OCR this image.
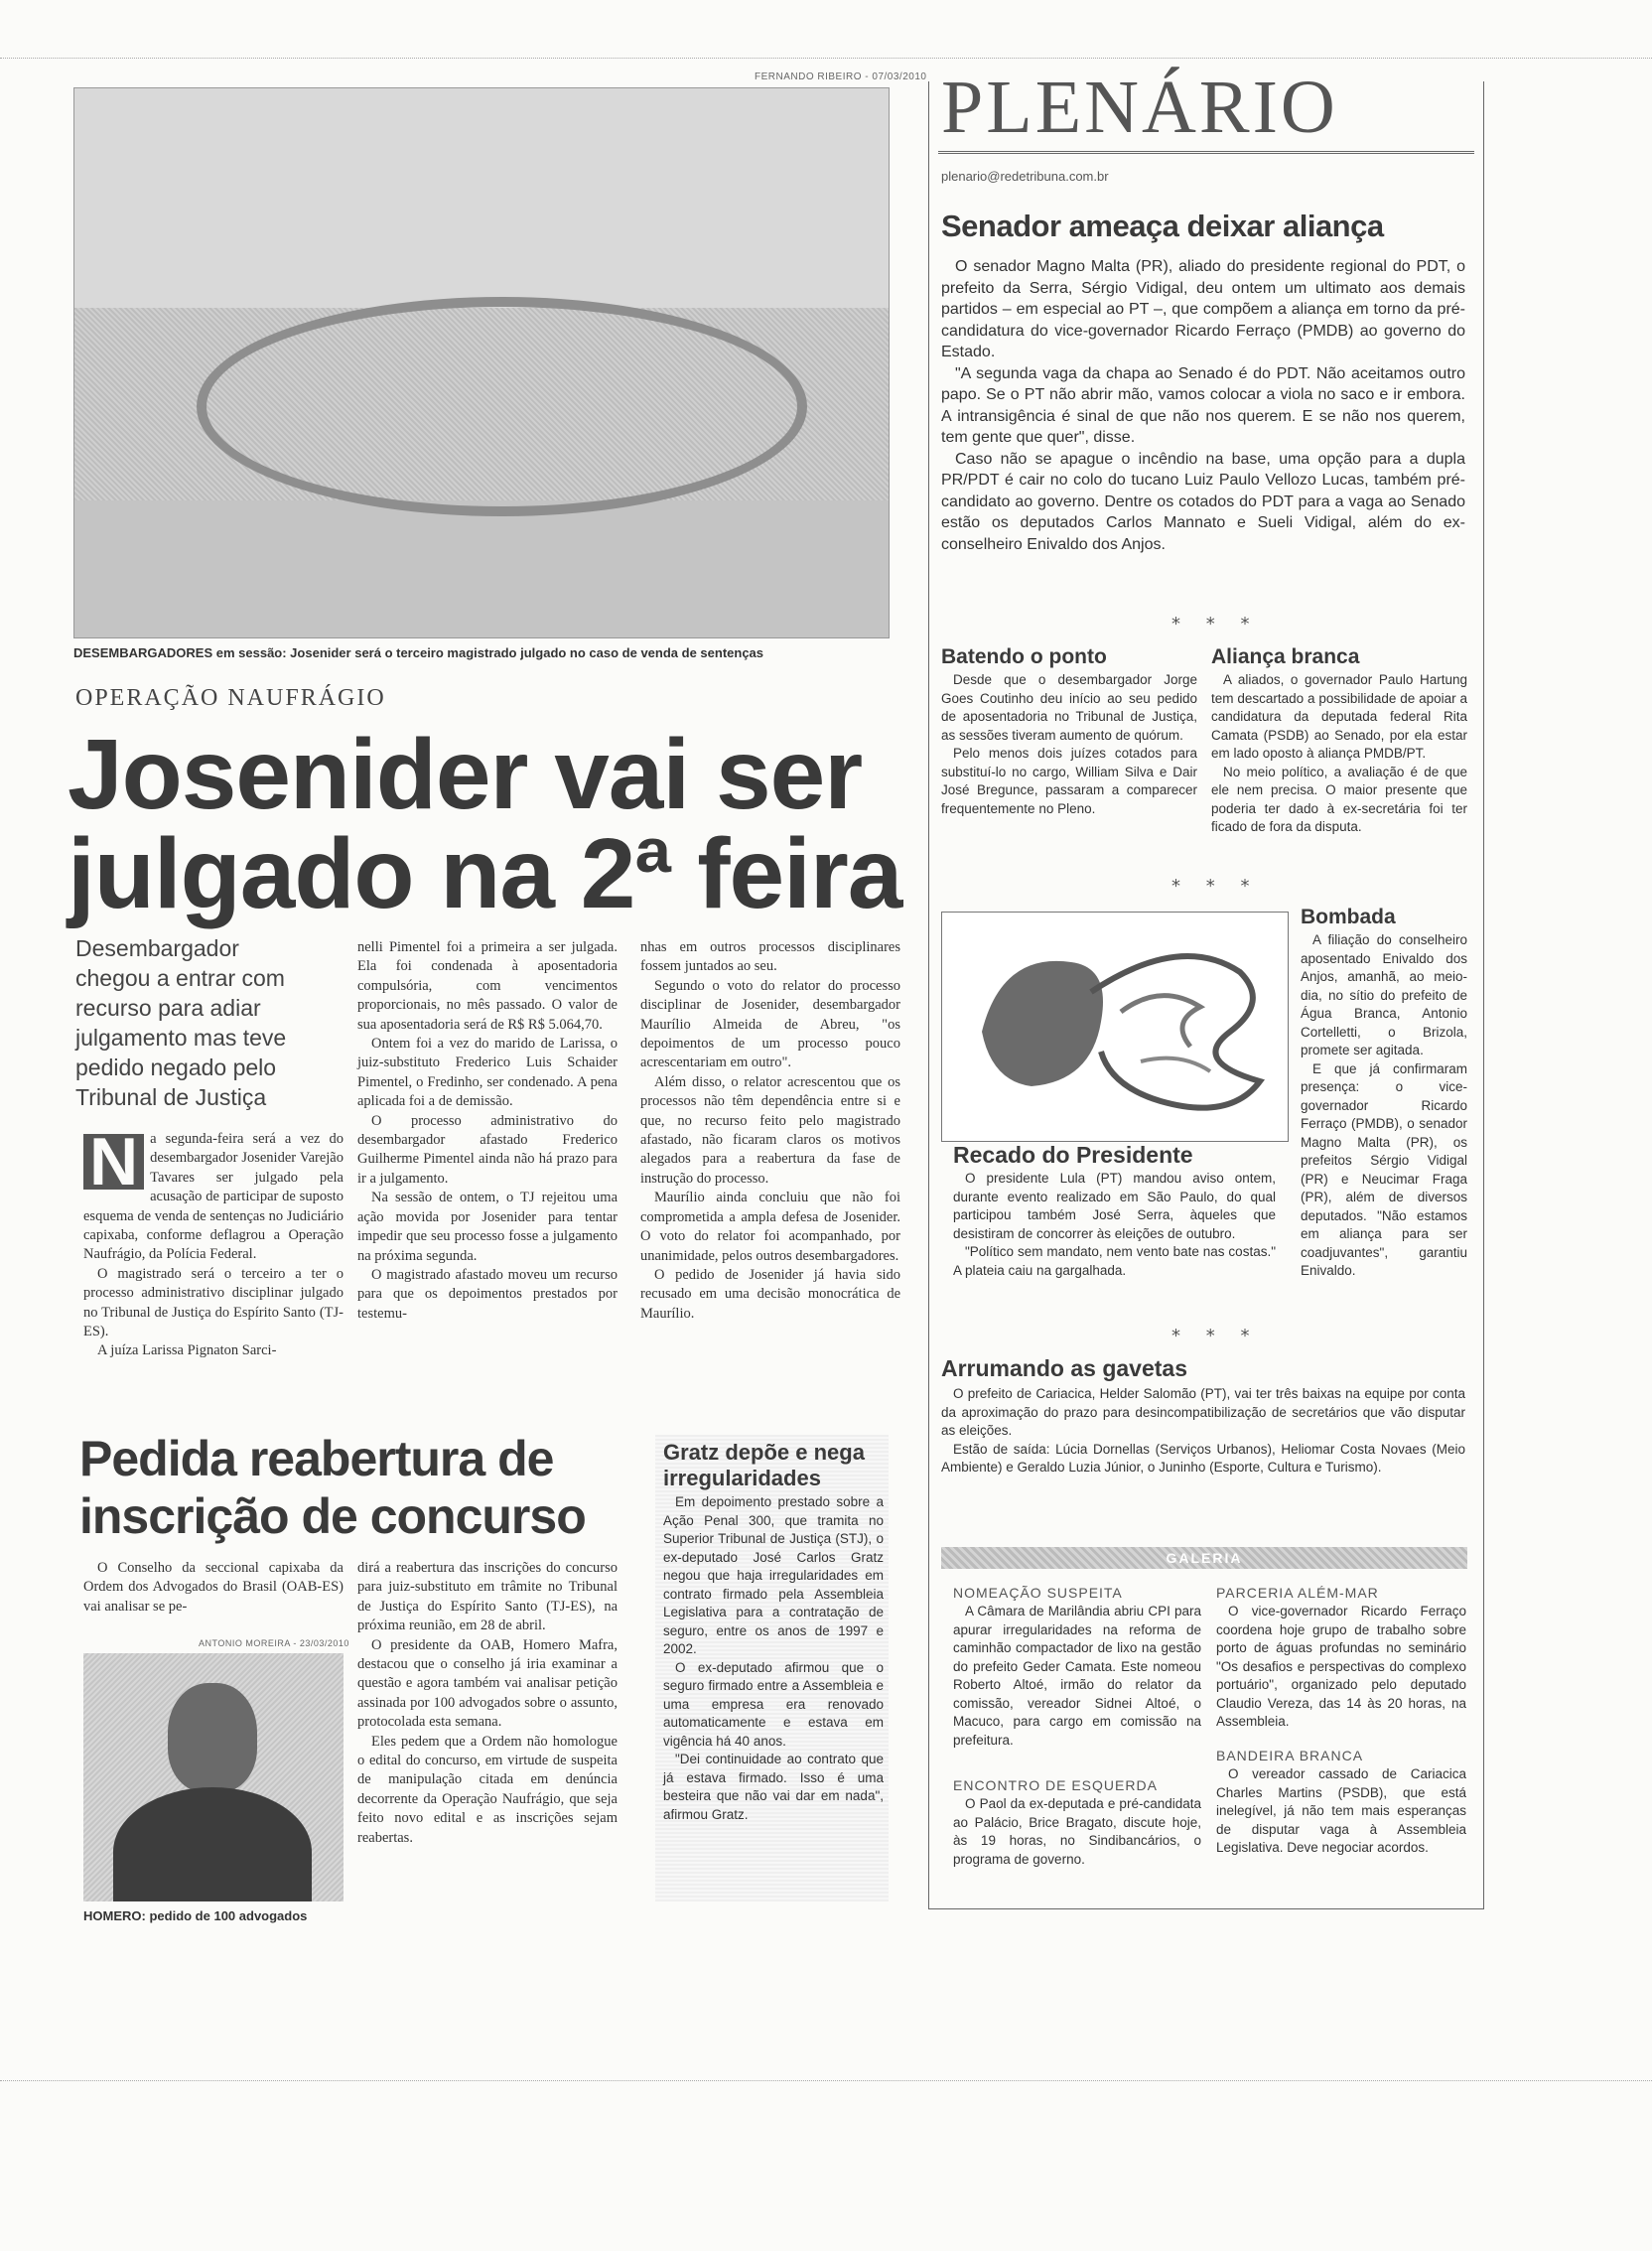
FERNANDO RIBEIRO - 07/03/2010
DESEMBARGADORES em sessão: Josenider será o terceiro magistrado julgado no caso de venda de sentenças
OPERAÇÃO NAUFRÁGIO
Josenider vai ser
julgado na 2ª feira
Desembargador
chegou a entrar com
recurso para adiar
julgamento mas teve
pedido negado pelo
Tribunal de Justiça

N a segunda-feira será a vez do desembargador Josenider Varejão Tavares ser julgado pela acusação de participar de suposto esquema de venda de sentenças no Judiciário capixaba, conforme deflagrou a Operação Naufrágio, da Polícia Federal.

O magistrado será o terceiro a ter o processo administrativo disciplinar julgado no Tribunal de Justiça do Espírito Santo (TJ-ES).

A juíza Larissa Pignaton Sarci-

nelli Pimentel foi a primeira a ser julgada. Ela foi condenada à aposentadoria compulsória, com vencimentos proporcionais, no mês passado. O valor de sua aposentadoria será de R$ R$ 5.064,70.

Ontem foi a vez do marido de Larissa, o juiz-substituto Frederico Luis Schaider Pimentel, o Fredinho, ser condenado. A pena aplicada foi a de demissão.

O processo administrativo do desembargador afastado Frederico Guilherme Pimentel ainda não há prazo para ir a julgamento.

Na sessão de ontem, o TJ rejeitou uma ação movida por Josenider para tentar impedir que seu processo fosse a julgamento na próxima segunda.

O magistrado afastado moveu um recurso para que os depoimentos prestados por testemu-

nhas em outros processos disciplinares fossem juntados ao seu.

Segundo o voto do relator do processo disciplinar de Josenider, desembargador Maurílio Almeida de Abreu, "os depoimentos de um processo pouco acrescentariam em outro".

Além disso, o relator acrescentou que os processos não têm dependência entre si e que, no recurso feito pelo magistrado afastado, não ficaram claros os motivos alegados para a reabertura da fase de instrução do processo.

Maurílio ainda concluiu que não foi comprometida a ampla defesa de Josenider. O voto do relator foi acompanhado, por unanimidade, pelos outros desembargadores.

O pedido de Josenider já havia sido recusado em uma decisão monocrática de Maurílio.

Pedida reabertura de
inscrição de concurso

O Conselho da seccional capixaba da Ordem dos Advogados do Brasil (OAB-ES) vai analisar se pe-

ANTONIO MOREIRA - 23/03/2010
HOMERO: pedido de 100 advogados

dirá a reabertura das inscrições do concurso para juiz-substituto em trâmite no Tribunal de Justiça do Espírito Santo (TJ-ES), na próxima reunião, em 28 de abril.

O presidente da OAB, Homero Mafra, destacou que o conselho já iria examinar a questão e agora também vai analisar petição assinada por 100 advogados sobre o assunto, protocolada esta semana.

Eles pedem que a Ordem não homologue o edital do concurso, em virtude de suspeita de manipulação citada em denúncia decorrente da Operação Naufrágio, que seja feito novo edital e as inscrições sejam reabertas.

Gratz depõe e nega
irregularidades

Em depoimento prestado sobre a Ação Penal 300, que tramita no Superior Tribunal de Justiça (STJ), o ex-deputado José Carlos Gratz negou que haja irregularidades em contrato firmado pela Assembleia Legislativa para a contratação de seguro, entre os anos de 1997 e 2002.

O ex-deputado afirmou que o seguro firmado entre a Assembleia e uma empresa era renovado automaticamente e estava em vigência há 40 anos.

"Dei continuidade ao contrato que já estava firmado. Isso é uma besteira que não vai dar em nada", afirmou Gratz.

PLENÁRIO
plenario@redetribuna.com.br
Senador ameaça deixar aliança

O senador Magno Malta (PR), aliado do presidente regional do PDT, o prefeito da Serra, Sérgio Vidigal, deu ontem um ultimato aos demais partidos – em especial ao PT –, que compõem a aliança em torno da pré-candidatura do vice-governador Ricardo Ferraço (PMDB) ao governo do Estado.

"A segunda vaga da chapa ao Senado é do PDT. Não aceitamos outro papo. Se o PT não abrir mão, vamos colocar a viola no saco e ir embora. A intransigência é sinal de que não nos querem. E se não nos querem, tem gente que quer", disse.

Caso não se apague o incêndio na base, uma opção para a dupla PR/PDT é cair no colo do tucano Luiz Paulo Vellozo Lucas, também pré-candidato ao governo. Dentre os cotados do PDT para a vaga ao Senado estão os deputados Carlos Mannato e Sueli Vidigal, além do ex-conselheiro Enivaldo dos Anjos.

* * *
Batendo o ponto

Desde que o desembargador Jorge Goes Coutinho deu início ao seu pedido de aposentadoria no Tribunal de Justiça, as sessões tiveram aumento de quórum.

Pelo menos dois juízes cotados para substituí-lo no cargo, William Silva e Dair José Bregunce, passaram a comparecer frequentemente no Pleno.

Aliança branca

A aliados, o governador Paulo Hartung tem descartado a possibilidade de apoiar a candidatura da deputada federal Rita Camata (PSDB) ao Senado, por ela estar em lado oposto à aliança PMDB/PT.

No meio político, a avaliação é de que ele nem precisa. O maior presente que poderia ter dado à ex-secretária foi ter ficado de fora da disputa.

* * *
Bombada

A filiação do conselheiro aposentado Enivaldo dos Anjos, amanhã, ao meio-dia, no sítio do prefeito de Água Branca, Antonio Cortelletti, o Brizola, promete ser agitada.

E que já confirmaram presença: o vice-governador Ricardo Ferraço (PMDB), o senador Magno Malta (PR), os prefeitos Sérgio Vidigal (PR) e Neucimar Fraga (PR), além de diversos deputados. "Não estamos em aliança para ser coadjuvantes", garantiu Enivaldo.

Recado do Presidente

O presidente Lula (PT) mandou aviso ontem, durante evento realizado em São Paulo, do qual participou também José Serra, àqueles que desistiram de concorrer às eleições de outubro.

"Político sem mandato, nem vento bate nas costas." A plateia caiu na gargalhada.

* * *
Arrumando as gavetas

O prefeito de Cariacica, Helder Salomão (PT), vai ter três baixas na equipe por conta da aproximação do prazo para desincompatibilização de secretários que vão disputar as eleições.

Estão de saída: Lúcia Dornellas (Serviços Urbanos), Heliomar Costa Novaes (Meio Ambiente) e Geraldo Luzia Júnior, o Juninho (Esporte, Cultura e Turismo).

GALERIA
NOMEAÇÃO SUSPEITA

A Câmara de Marilândia abriu CPI para apurar irregularidades na reforma de caminhão compactador de lixo na gestão do prefeito Geder Camata. Este nomeou Roberto Altoé, irmão do relator da comissão, vereador Sidnei Altoé, o Macuco, para cargo em comissão na prefeitura.

ENCONTRO DE ESQUERDA

O Paol da ex-deputada e pré-candidata ao Palácio, Brice Bragato, discute hoje, às 19 horas, no Sindibancários, o programa de governo.

PARCERIA ALÉM-MAR

O vice-governador Ricardo Ferraço coordena hoje grupo de trabalho sobre porto de águas profundas no seminário "Os desafios e perspectivas do complexo portuário", organizado pelo deputado Claudio Vereza, das 14 às 20 horas, na Assembleia.

BANDEIRA BRANCA

O vereador cassado de Cariacica Charles Martins (PSDB), que está inelegível, já não tem mais esperanças de disputar vaga à Assembleia Legislativa. Deve negociar acordos.
